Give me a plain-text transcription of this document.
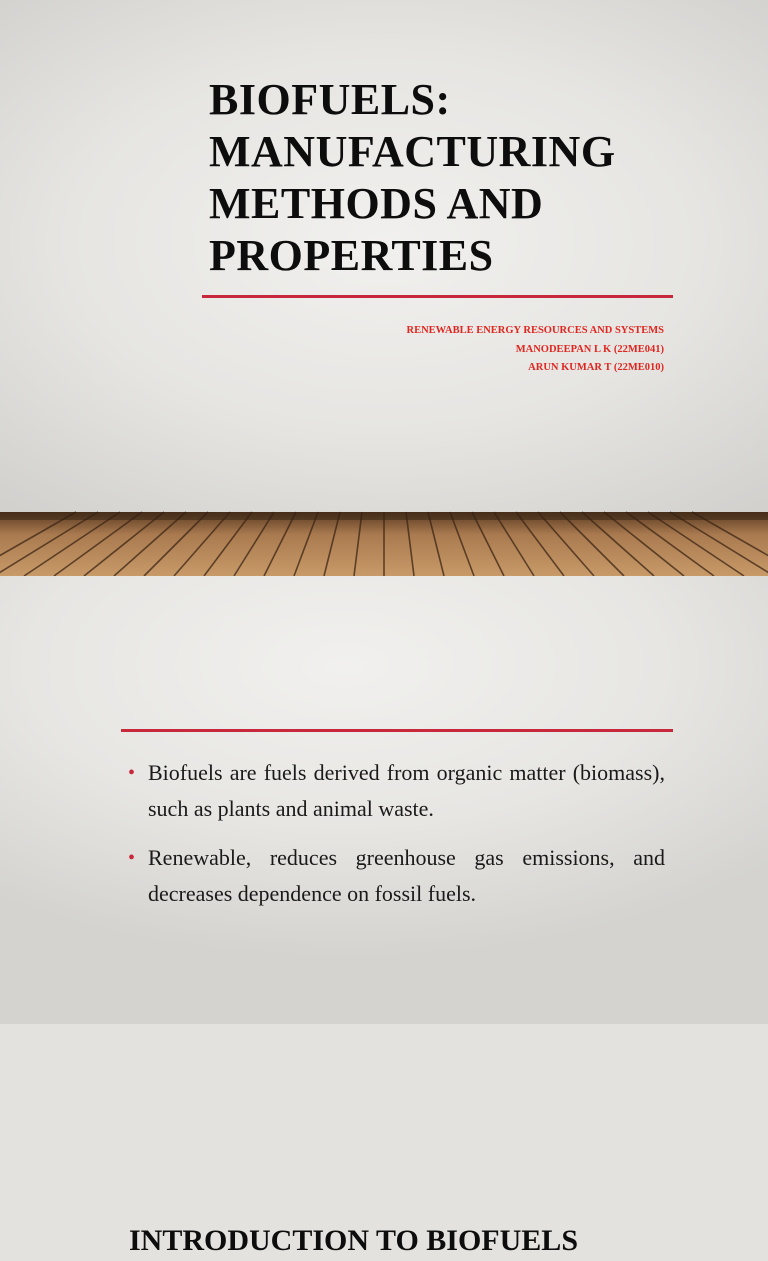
BIOFUELS: MANUFACTURING METHODS AND PROPERTIES
RENEWABLE ENERGY RESOURCES AND SYSTEMS
MANODEEPAN L K (22ME041)
ARUN KUMAR T (22ME010)
INTRODUCTION TO BIOFUELS
• Biofuels are fuels derived from organic matter (biomass), such as plants and animal waste.
• Renewable, reduces greenhouse gas emissions, and decreases dependence on fossil fuels.
